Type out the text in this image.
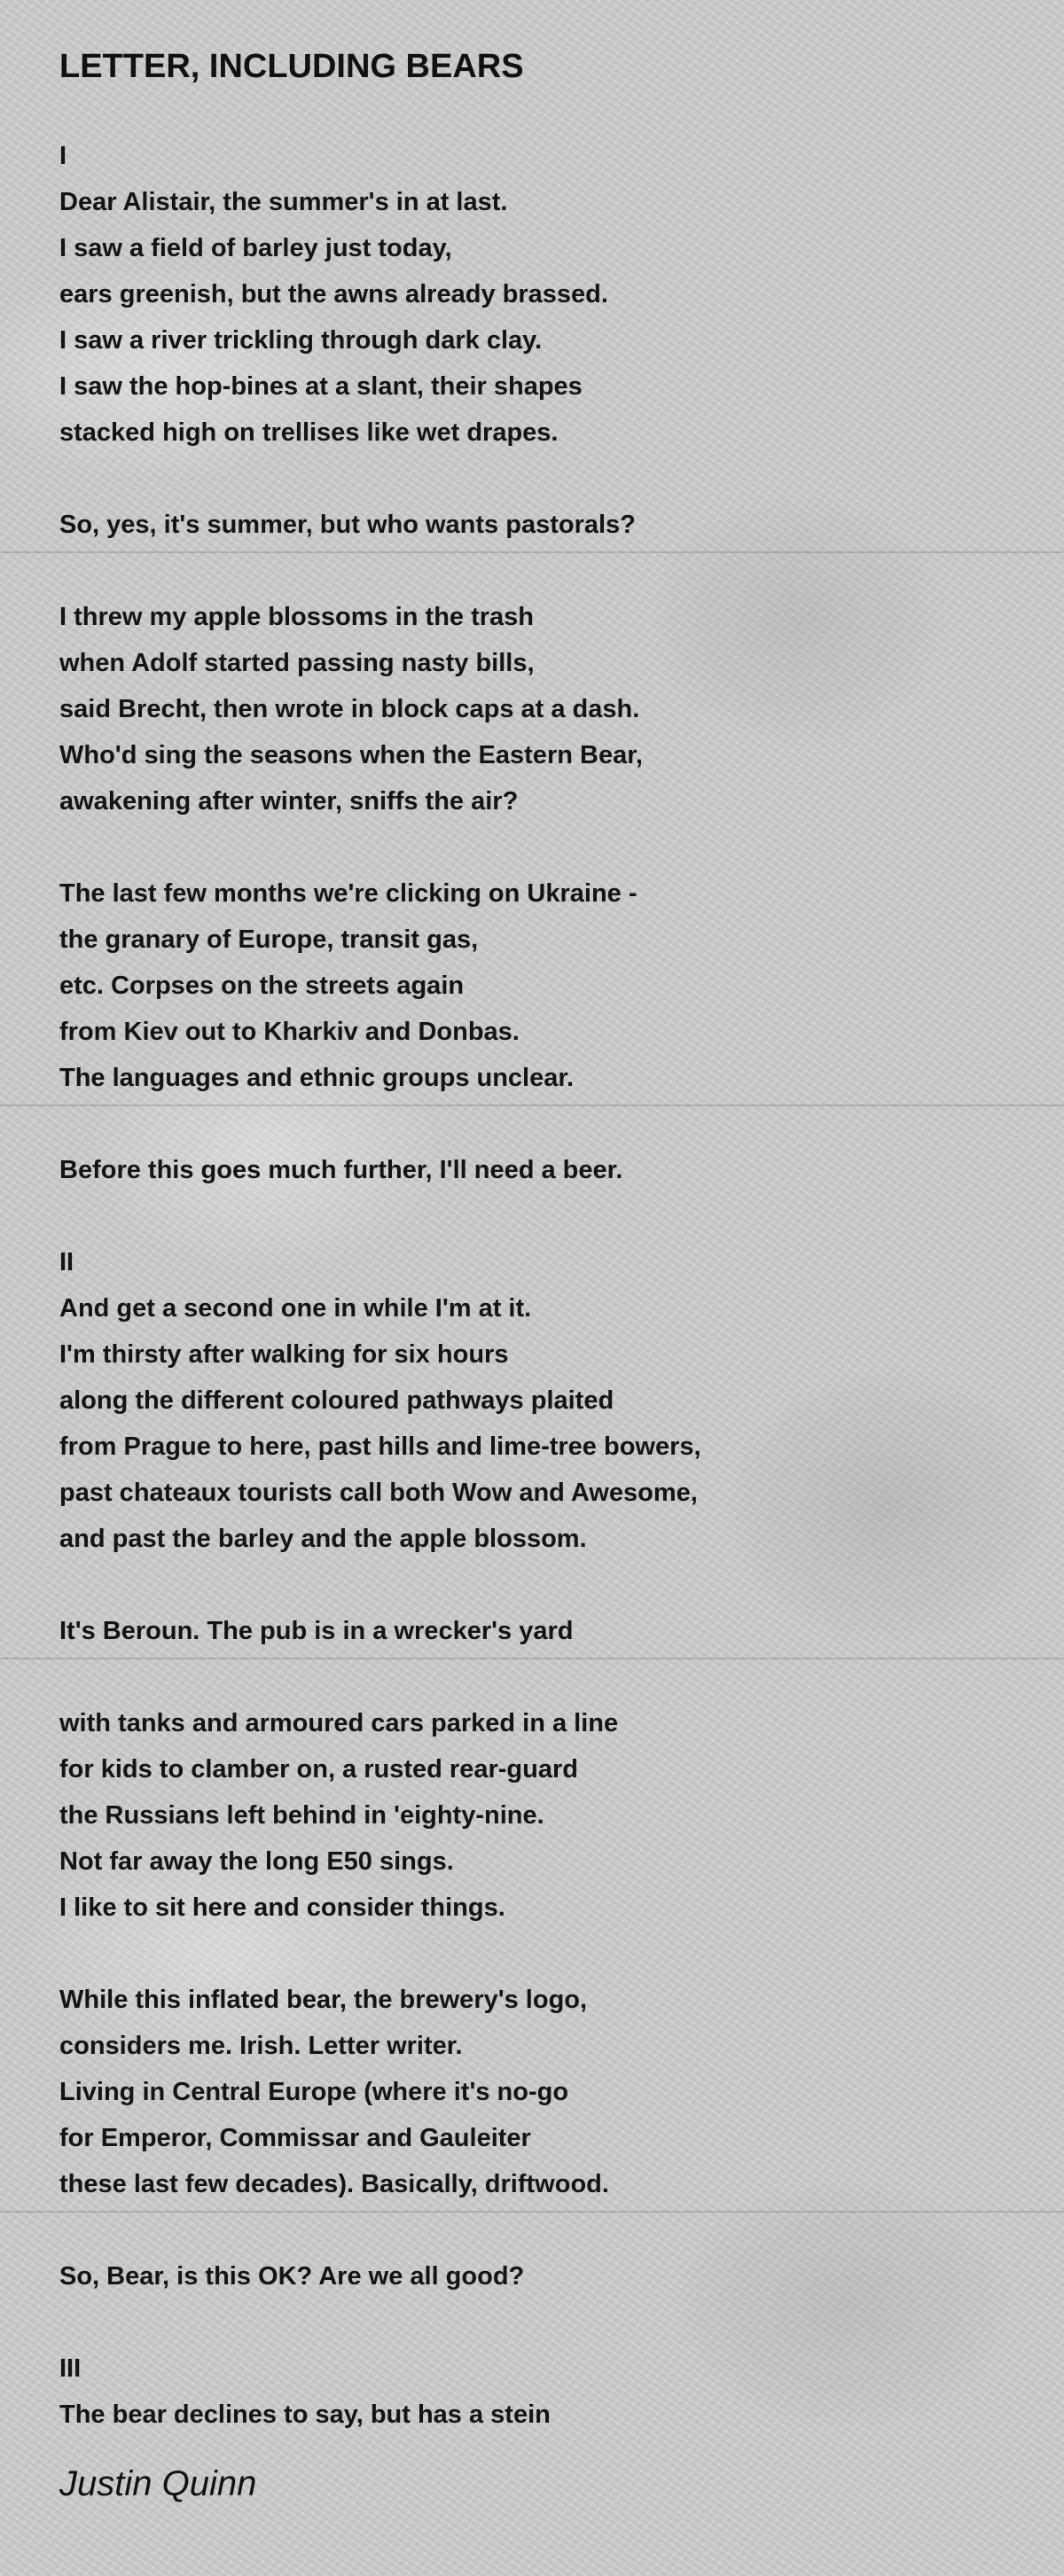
LETTER, INCLUDING BEARS
I
Dear Alistair, the summer's in at last.
I saw a field of barley just today,
ears greenish, but the awns already brassed.
I saw a river trickling through dark clay.
I saw the hop-bines at a slant, their shapes
stacked high on trellises like wet drapes.
So, yes, it's summer, but who wants pastorals?
I threw my apple blossoms in the trash
when Adolf started passing nasty bills,
said Brecht, then wrote in block caps at a dash.
Who'd sing the seasons when the Eastern Bear,
awakening after winter, sniffs the air?
The last few months we're clicking on Ukraine -
the granary of Europe, transit gas,
etc. Corpses on the streets again
from Kiev out to Kharkiv and Donbas.
The languages and ethnic groups unclear.
Before this goes much further, I'll need a beer.
II
And get a second one in while I'm at it.
I'm thirsty after walking for six hours
along the different coloured pathways plaited
from Prague to here, past hills and lime-tree bowers,
past chateaux tourists call both Wow and Awesome,
and past the barley and the apple blossom.
It's Beroun. The pub is in a wrecker's yard
with tanks and armoured cars parked in a line
for kids to clamber on, a rusted rear-guard
the Russians left behind in 'eighty-nine.
Not far away the long E50 sings.
I like to sit here and consider things.
While this inflated bear, the brewery's logo,
considers me. Irish. Letter writer.
Living in Central Europe (where it's no-go
for Emperor, Commissar and Gauleiter
these last few decades). Basically, driftwood.
So, Bear, is this OK? Are we all good?
III
The bear declines to say, but has a stein
Justin Quinn
